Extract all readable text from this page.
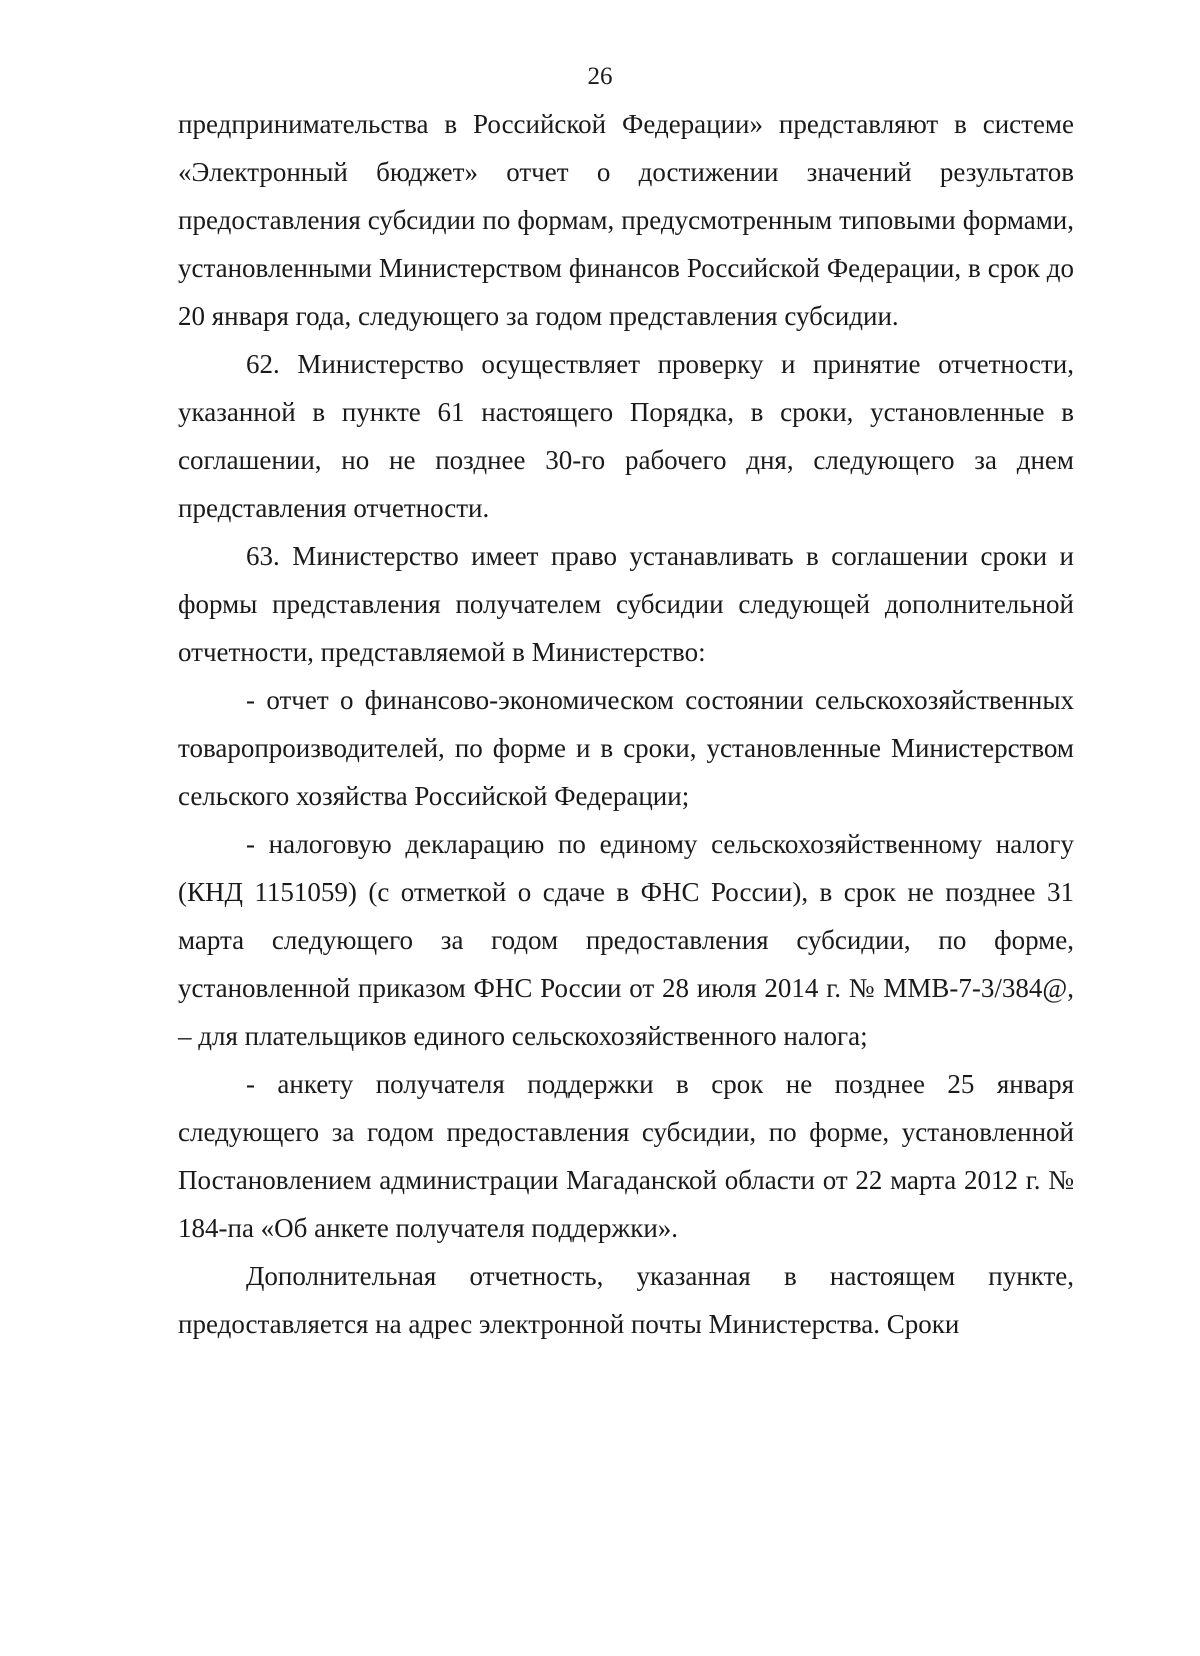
26

предпринимательства в Российской Федерации» представляют в системе «Электронный бюджет» отчет о достижении значений результатов предоставления субсидии по формам, предусмотренным типовыми формами, установленными Министерством финансов Российской Федерации, в срок до 20 января года, следующего за годом представления субсидии.

62. Министерство осуществляет проверку и принятие отчетности, указанной в пункте 61 настоящего Порядка, в сроки, установленные в соглашении, но не позднее 30-го рабочего дня, следующего за днем представления отчетности.

63. Министерство имеет право устанавливать в соглашении сроки и формы представления получателем субсидии следующей дополнительной отчетности, представляемой в Министерство:

- отчет о финансово-экономическом состоянии сельскохозяйственных товаропроизводителей, по форме и в сроки, установленные Министерством сельского хозяйства Российской Федерации;

- налоговую декларацию по единому сельскохозяйственному налогу (КНД 1151059) (с отметкой о сдаче в ФНС России), в срок не позднее 31 марта следующего за годом предоставления субсидии, по форме, установленной приказом ФНС России от 28 июля 2014 г. № ММВ-7-3/384@, – для плательщиков единого сельскохозяйственного налога;

- анкету получателя поддержки в срок не позднее 25 января следующего за годом предоставления субсидии, по форме, установленной Постановлением администрации Магаданской области от 22 марта 2012 г. № 184-па «Об анкете получателя поддержки».

Дополнительная отчетность, указанная в настоящем пункте, предоставляется на адрес электронной почты Министерства. Сроки
